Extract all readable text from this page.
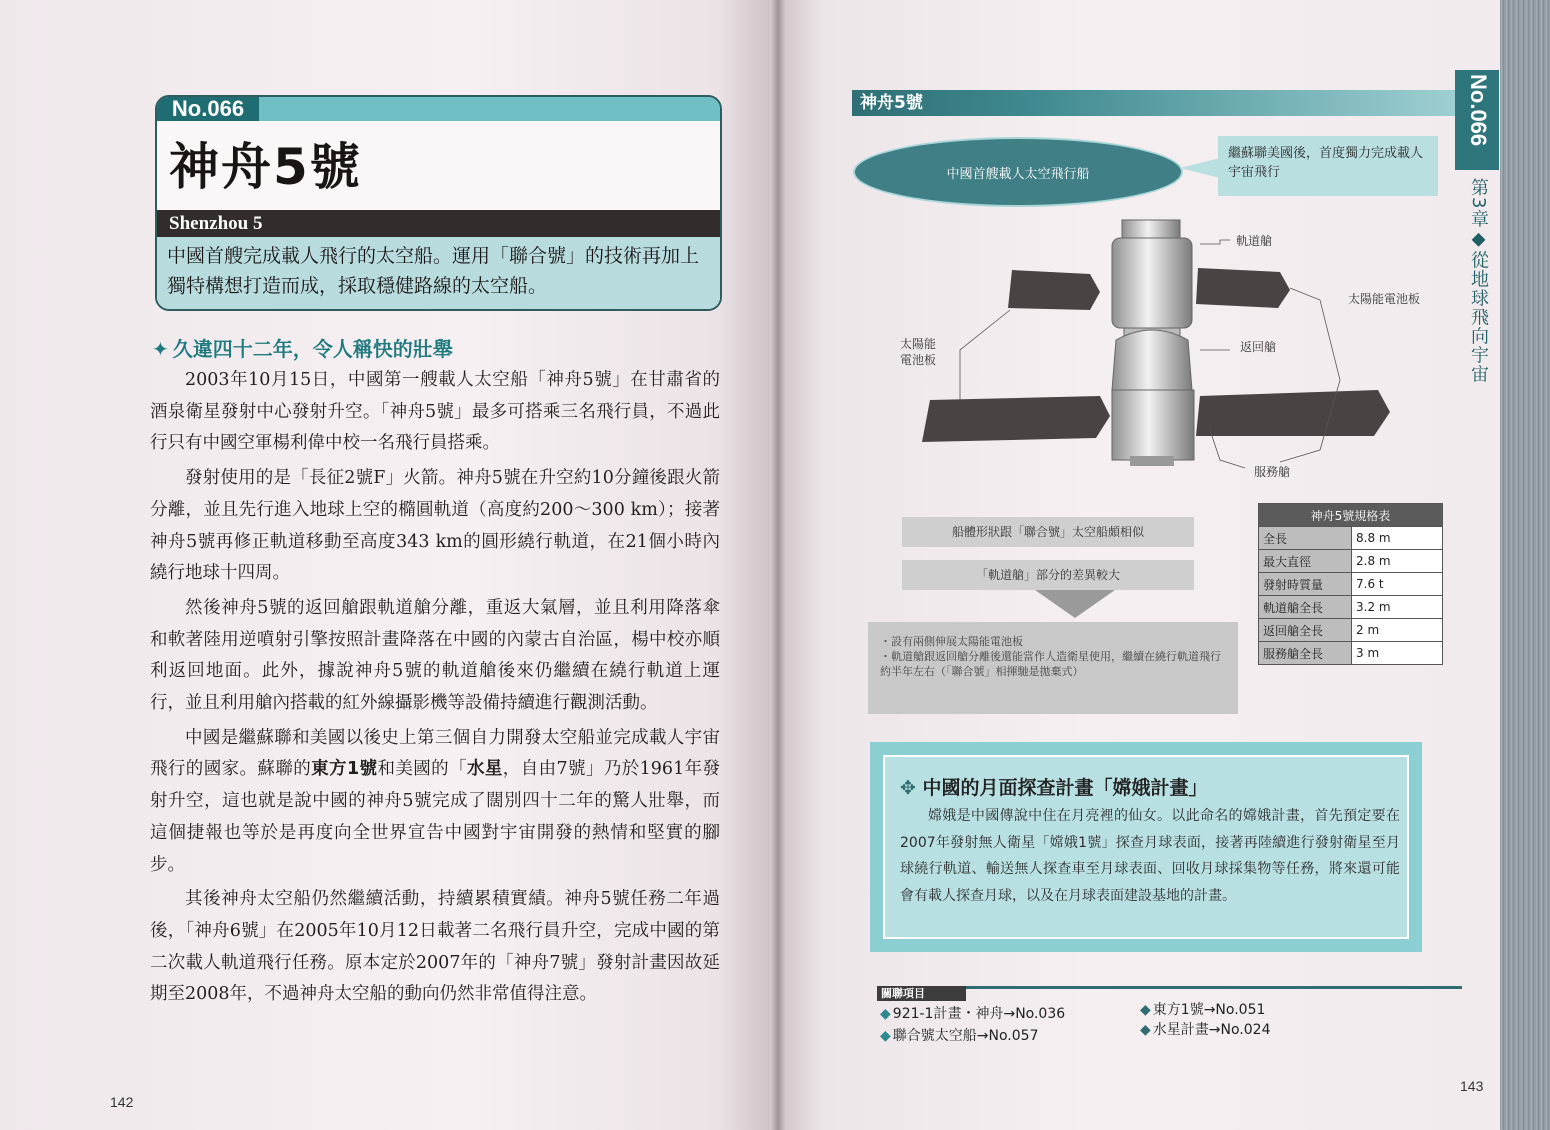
No.066
神舟5號
Shenzhou 5
中國首艘完成載人飛行的太空船。運用「聯合號」的技術再加上獨特構想打造而成，採取穩健路線的太空船。
✦ 久違四十二年，令人稱快的壯舉

2003年10月15日，中國第一艘載人太空船「神舟5號」在甘肅省的酒泉衛星發射中心發射升空。「神舟5號」最多可搭乘三名飛行員，不過此行只有中國空軍楊利偉中校一名飛行員搭乘。

發射使用的是「長征2號F」火箭。神舟5號在升空約10分鐘後跟火箭分離，並且先行進入地球上空的橢圓軌道（高度約200～300 km）；接著神舟5號再修正軌道移動至高度343 km的圓形繞行軌道，在21個小時內繞行地球十四周。

然後神舟5號的返回艙跟軌道艙分離，重返大氣層，並且利用降落傘和軟著陸用逆噴射引擎按照計畫降落在中國的內蒙古自治區，楊中校亦順利返回地面。此外，據說神舟5號的軌道艙後來仍繼續在繞行軌道上運行，並且利用艙內搭載的紅外線攝影機等設備持續進行觀測活動。

中國是繼蘇聯和美國以後史上第三個自力開發太空船並完成載人宇宙飛行的國家。蘇聯的東方1號和美國的「水星，自由7號」乃於1961年發射升空，這也就是說中國的神舟5號完成了闊別四十二年的驚人壯舉，而這個捷報也等於是再度向全世界宣告中國對宇宙開發的熱情和堅實的腳步。

其後神舟太空船仍然繼續活動，持續累積實績。神舟5號任務二年過後，「神舟6號」在2005年10月12日載著二名飛行員升空，完成中國的第二次載人軌道飛行任務。原本定於2007年的「神舟7號」發射計畫因故延期至2008年，不過神舟太空船的動向仍然非常值得注意。

142
神舟5號
中國首艘載人太空飛行船
繼蘇聯美國後，首度獨力完成載人宇宙飛行
軌道艙
太陽能電池板
太陽能
電池板
返回艙
服務艙
船體形狀跟「聯合號」太空船頗相似
「軌道艙」部分的差異較大
・設有兩側伸展太陽能電池板
・軌道艙跟返回艙分離後還能當作人造衛星使用，繼續在繞行軌道飛行約半年左右（「聯合號」相揮馳是拋棄式）
神舟5號規格表	
全長	8.8 m
最大直徑	2.8 m
發射時質量	7.6 t
軌道艙全長	3.2 m
返回艙全長	2 m
服務艙全長	3 m
✥ 中國的月面探查計畫「嫦娥計畫」
嫦娥是中國傳說中住在月亮裡的仙女。以此命名的嫦娥計畫，首先預定要在2007年發射無人衛星「嫦娥1號」探查月球表面，接著再陸續進行發射衛星至月球繞行軌道、輸送無人探查車至月球表面、回收月球採集物等任務，將來還可能會有載人探查月球，以及在月球表面建設基地的計畫。
關聯項目
◆ 921-1計畫・神舟→No.036
◆ 聯合號太空船→No.057
◆ 東方1號→No.051
◆ 水星計畫→No.024
No.066
第3章◆從地球飛向宇宙
143
